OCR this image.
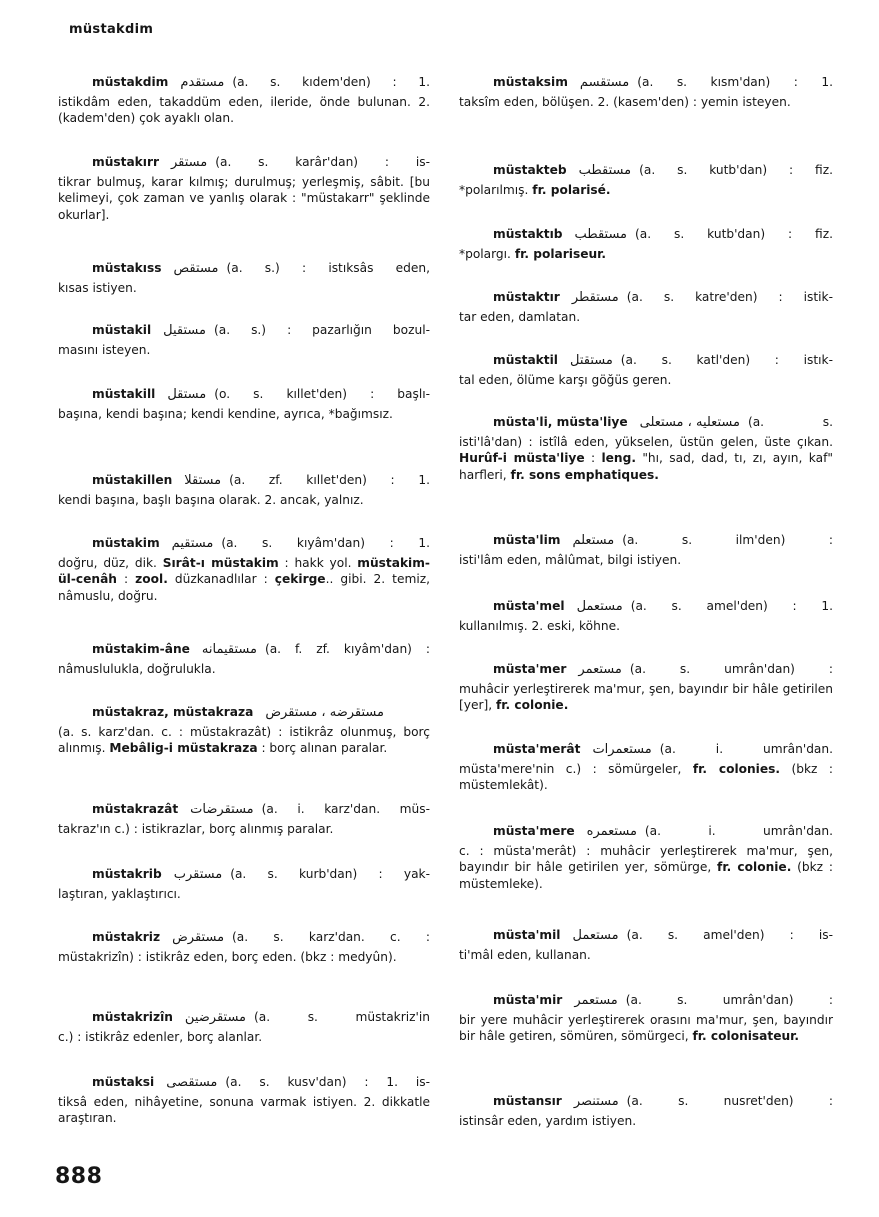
müstakdim
müstakdim مستقدم (a. s. kıdem'den) : 1.
istikdâm eden, takaddüm eden, ileride, önde bulunan. 2. (kadem'den) çok ayaklı olan.
müstakırr مستقر (a. s. karâr'dan) : is-
tikrar bulmuş, karar kılmış; durulmuş; yerleşmiş, sâbit. [bu kelimeyi, çok zaman ve yanlış olarak : "müstakarr" şeklinde okurlar].
müstakıss مستقص (a. s.) : istıksâs eden,
kısas istiyen.
müstakil مستقيل (a. s.) : pazarlığın bozul-
masını isteyen.
müstakill مستقل (o. s. kıllet'den) : başlı-
başına, kendi başına; kendi kendine, ayrıca, *bağımsız.
müstakillen مستقلا (a. zf. kıllet'den) : 1.
kendi başına, başlı başına olarak. 2. ancak, yalnız.
müstakim مستقيم (a. s. kıyâm'dan) : 1.
doğru, düz, dik. Sırât-ı müstakim : hakk yol. müstakim-ül-cenâh : zool. düzkanadlılar : çekirge.. gibi. 2. temiz, nâmuslu, doğru.
müstakim-âne مستقيمانه (a. f. zf. kıyâm'dan) :
nâmuslulukla, doğrulukla.
müstakraz, müstakraza مستقرضه ، مستقرض
(a. s. karz'dan. c. : müstakrazât) : istikrâz olunmuş, borç alınmış. Mebâlig-i müstakraza : borç alınan paralar.
müstakrazât مستقرضات (a. i. karz'dan. müs-
takraz'ın c.) : istikrazlar, borç alınmış paralar.
müstakrib مستقرب (a. s. kurb'dan) : yak-
laştıran, yaklaştırıcı.
müstakriz مستقرض (a. s. karz'dan. c. :
müstakrizîn) : istikrâz eden, borç eden. (bkz : medyûn).
müstakrizîn مستقرضين (a. s. müstakriz'in
c.) : istikrâz edenler, borç alanlar.
müstaksi مستقصى (a. s. kusv'dan) : 1. is-
tiksâ eden, nihâyetine, sonuna varmak istiyen. 2. dikkatle araştıran.
müstaksim مستقسم (a. s. kısm'dan) : 1.
taksîm eden, bölüşen. 2. (kasem'den) : yemin isteyen.
müstakteb مستقطب (a. s. kutb'dan) : fiz.
*polarılmış. fr. polarisé.
müstaktıb مستقطب (a. s. kutb'dan) : fiz.
*polargı. fr. polariseur.
müstaktır مستقطر (a. s. katre'den) : istik-
tar eden, damlatan.
müstaktil مستقتل (a. s. katl'den) : istık-
tal eden, ölüme karşı göğüs geren.
müsta'li, müsta'liye مستعليه ، مستعلى (a. s.
isti'lâ'dan) : istîlâ eden, yükselen, üstün gelen, üste çıkan. Hurûf-i müsta'liye : leng. "hı, sad, dad, tı, zı, ayın, kaf" harfleri, fr. sons emphatiques.
müsta'lim مستعلم (a. s. ilm'den) :
isti'lâm eden, mâlûmat, bilgi istiyen.
müsta'mel مستعمل (a. s. amel'den) : 1.
kullanılmış. 2. eski, köhne.
müsta'mer مستعمر (a. s. umrân'dan) :
muhâcir yerleştirerek ma'mur, şen, bayındır bir hâle getirilen [yer], fr. colonie.
müsta'merât مستعمرات (a. i. umrân'dan.
müsta'mere'nin c.) : sömürgeler, fr. colonies. (bkz : müstemlekât).
müsta'mere مستعمره (a. i. umrân'dan.
c. : müsta'merât) : muhâcir yerleştirerek ma'mur, şen, bayındır bir hâle getirilen yer, sömürge, fr. colonie. (bkz : müstemleke).
müsta'mil مستعمل (a. s. amel'den) : is-
ti'mâl eden, kullanan.
müsta'mir مستعمر (a. s. umrân'dan) :
bir yere muhâcir yerleştirerek orasını ma'mur, şen, bayındır bir hâle getiren, sömüren, sömürgeci, fr. colonisateur.
müstansır مستنصر (a. s. nusret'den) :
istinsâr eden, yardım istiyen.
888
